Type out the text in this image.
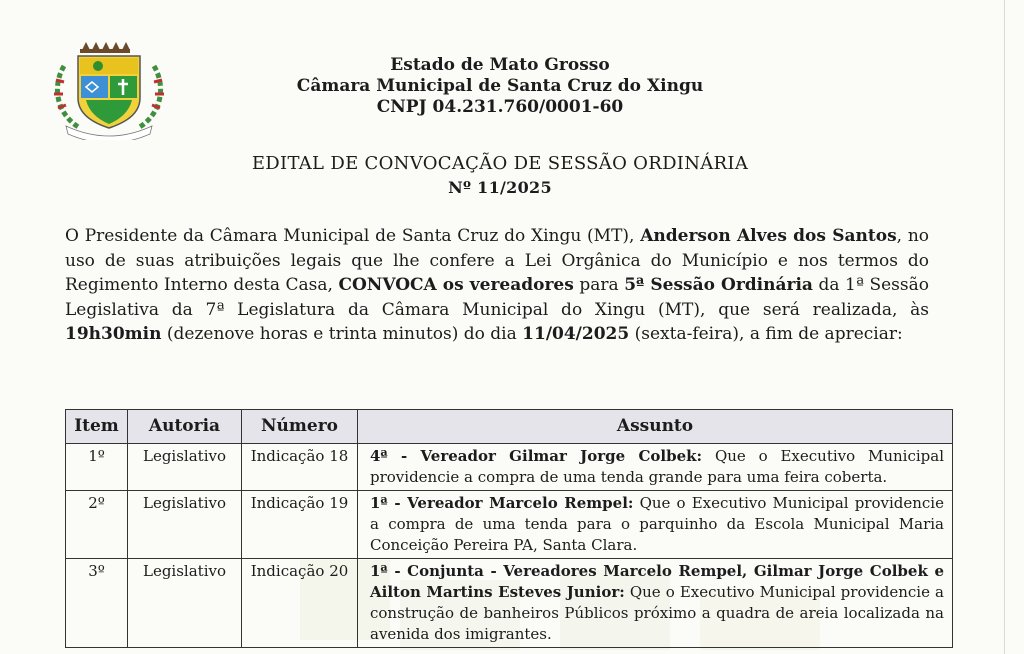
Estado de Mato Grosso
Câmara Municipal de Santa Cruz do Xingu
CNPJ 04.231.760/0001-60
EDITAL DE CONVOCAÇÃO DE SESSÃO ORDINÁRIA
Nº 11/2025

O Presidente da Câmara Municipal de Santa Cruz do Xingu (MT), Anderson Alves dos Santos, no uso de suas atribuições legais que lhe confere a Lei Orgânica do Município e nos termos do Regimento Interno desta Casa, CONVOCA os vereadores para 5ª Sessão Ordinária da 1ª Sessão Legislativa da 7ª Legislatura da Câmara Municipal do Xingu (MT), que será realizada, às 19h30min (dezenove horas e trinta minutos) do dia 11/04/2025 (sexta-feira), a fim de apreciar:

Item	Autoria	Número	Assunto
1º	Legislativo	Indicação 18	4ª - Vereador Gilmar Jorge Colbek: Que o Executivo Municipal providencie a compra de uma tenda grande para uma feira coberta.
2º	Legislativo	Indicação 19	1ª - Vereador Marcelo Rempel: Que o Executivo Municipal providencie a compra de uma tenda para o parquinho da Escola Municipal Maria Conceição Pereira PA, Santa Clara.
3º	Legislativo	Indicação 20	1ª - Conjunta - Vereadores Marcelo Rempel, Gilmar Jorge Colbek e Ailton Martins Esteves Junior: Que o Executivo Municipal providencie a construção de banheiros Públicos próximo a quadra de areia localizada na avenida dos imigrantes.
